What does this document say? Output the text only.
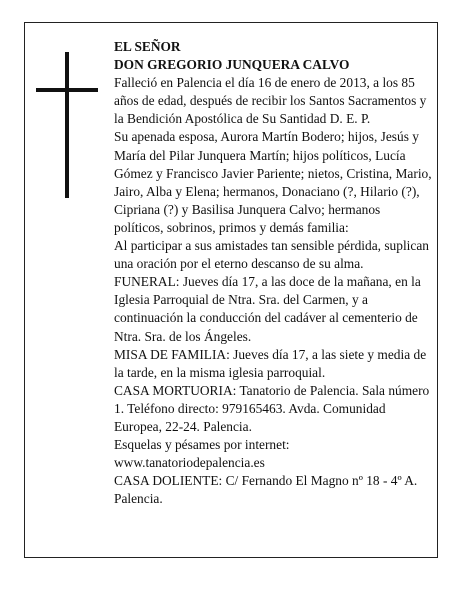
EL SEÑOR

DON GREGORIO JUNQUERA CALVO

Falleció en Palencia el día 16 de enero de 2013, a los 85 años de edad, después de recibir los Santos Sacramentos y la Bendición Apostólica de Su Santidad D. E. P.

Su apenada esposa, Aurora Martín Bodero; hijos, Jesús y María del Pilar Junquera Martín; hijos políticos, Lucía Gómez y Francisco Javier Pariente; nietos, Cristina, Mario, Jairo, Alba y Elena; hermanos, Donaciano (?, Hilario (?), Cipriana (?) y Basilisa Junquera Calvo; hermanos políticos, sobrinos, primos y demás familia:

Al participar a sus amistades tan sensible pérdida, suplican una oración por el eterno descanso de su alma.

FUNERAL: Jueves día 17, a las doce de la mañana, en la Iglesia Parroquial de Ntra. Sra. del Carmen, y a continuación la conducción del cadáver al cementerio de Ntra. Sra. de los Ángeles.

MISA DE FAMILIA: Jueves día 17, a las siete y media de la tarde, en la misma iglesia parroquial.

CASA MORTUORIA: Tanatorio de Palencia. Sala número 1. Teléfono directo: 979165463. Avda. Comunidad Europea, 22-24. Palencia.

Esquelas y pésames por internet:

www.tanatoriodepalencia.es

CASA DOLIENTE: C/ Fernando El Magno nº 18 - 4º A. Palencia.
